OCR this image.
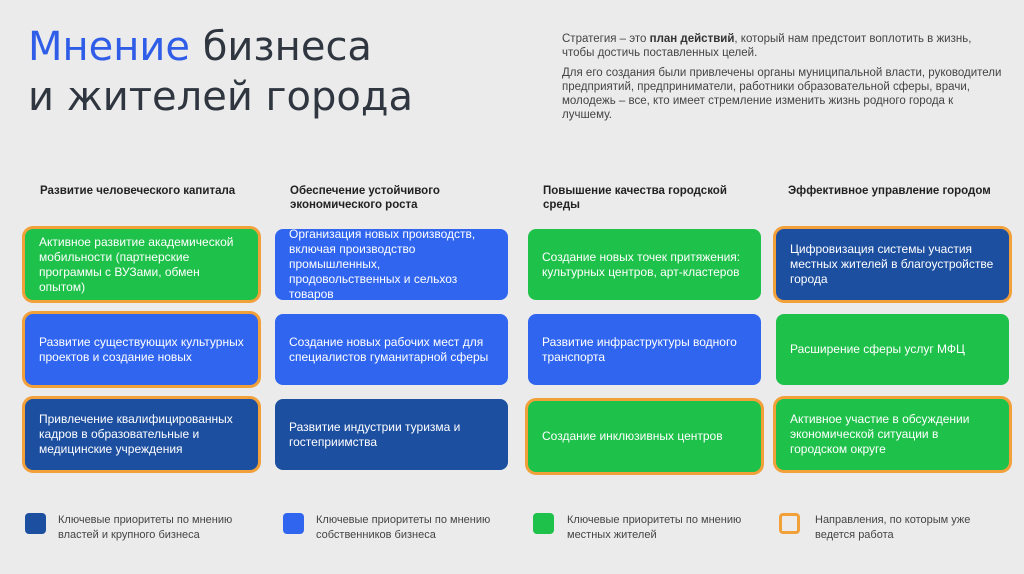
Мнение бизнеса
и жителей города

Стратегия – это план действий, который нам предстоит воплотить в жизнь, чтобы достичь поставленных целей.

Для его создания были привлечены органы муниципальной власти, руководители предприятий, предприниматели, работники образовательной сферы, врачи, молодежь – все, кто имеет стремление изменить жизнь родного города к лучшему.

Развитие человеческого капитала	Обеспечение устойчивого экономического роста
Повышение качества городской среды
Эффективное управление городом
Активное развитие академической мобильности (партнерские программы с ВУЗами, обмен опытом)
Развитие существующих культурных проектов и создание новых
Привлечение квалифицированных кадров в образовательные и медицинские учреждения
Организация новых производств, включая производство промышленных, продовольственных и сельхоз товаров
Создание новых рабочих мест для специалистов гуманитарной сферы
Развитие индустрии туризма и гостеприимства
Создание новых точек притяжения: культурных центров, арт-кластеров
Развитие инфраструктуры водного транспорта
Создание инклюзивных центров
Цифровизация системы участия местных жителей в благоустройстве города
Расширение сферы услуг МФЦ
Активное участие в обсуждении экономической ситуации в городском округе
Ключевые приоритеты по мнению властей и крупного бизнеса
Ключевые приоритеты по мнению собственников бизнеса
Ключевые приоритеты по мнению местных жителей
Направления, по которым уже ведется работа
